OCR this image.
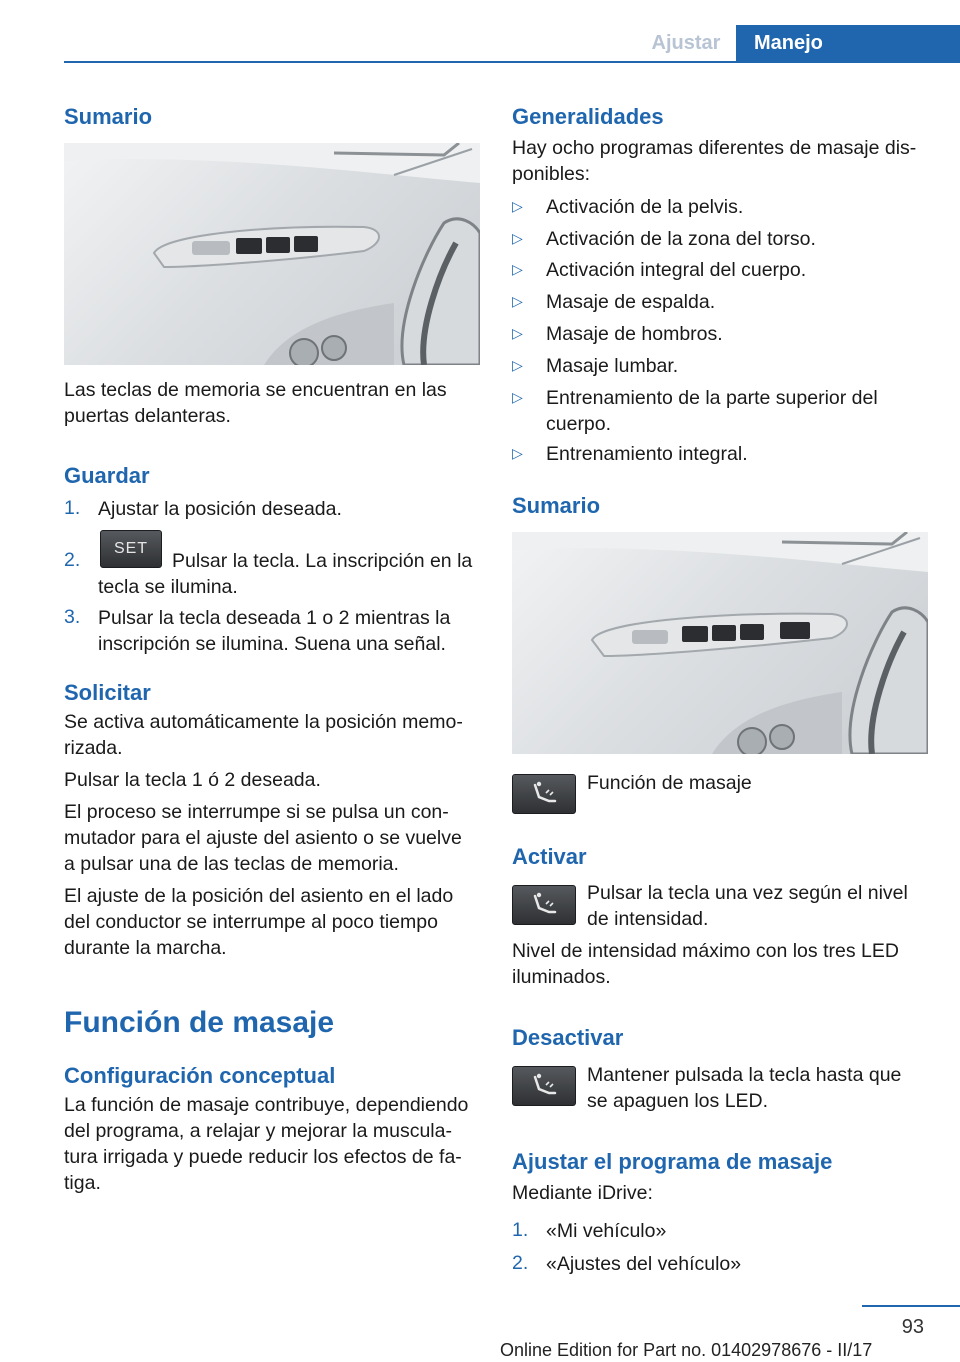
Ajustar	Manejo
Sumario
Las teclas de memoria se encuentran en las puertas delanteras.
Guardar
1. Ajustar la posición deseada.
2.
SET
Pulsar la tecla. La inscripción en la tecla se ilumina.
3. Pulsar la tecla deseada 1 o 2 mientras la inscripción se ilumina. Suena una señal.
Solicitar
Se activa automáticamente la posición memo‐rizada.
Pulsar la tecla 1 ó 2 deseada.
El proceso se interrumpe si se pulsa un con‐mutador para el ajuste del asiento o se vuelve a pulsar una de las teclas de memoria.
El ajuste de la posición del asiento en el lado del conductor se interrumpe al poco tiempo durante la marcha.
Función de masaje
Configuración conceptual
La función de masaje contribuye, dependiendo del programa, a relajar y mejorar la muscula‐tura irrigada y puede reducir los efectos de fa‐tiga.
Generalidades
Hay ocho programas diferentes de masaje dis‐ponibles:
▷ Activación de la pelvis.
▷ Activación de la zona del torso.
▷ Activación integral del cuerpo.
▷ Masaje de espalda.
▷ Masaje de hombros.
▷ Masaje lumbar.
▷ Entrenamiento de la parte superior del cuerpo.
▷ Entrenamiento integral.
Sumario
Función de masaje
Activar
Pulsar la tecla una vez según el nivel de intensidad.
Nivel de intensidad máximo con los tres LED iluminados.
Desactivar
Mantener pulsada la tecla hasta que se apaguen los LED.
Ajustar el programa de masaje
Mediante iDrive:
1. «Mi vehículo»
2. «Ajustes del vehículo»
93
Online Edition for Part no. 01402978676 - II/17
